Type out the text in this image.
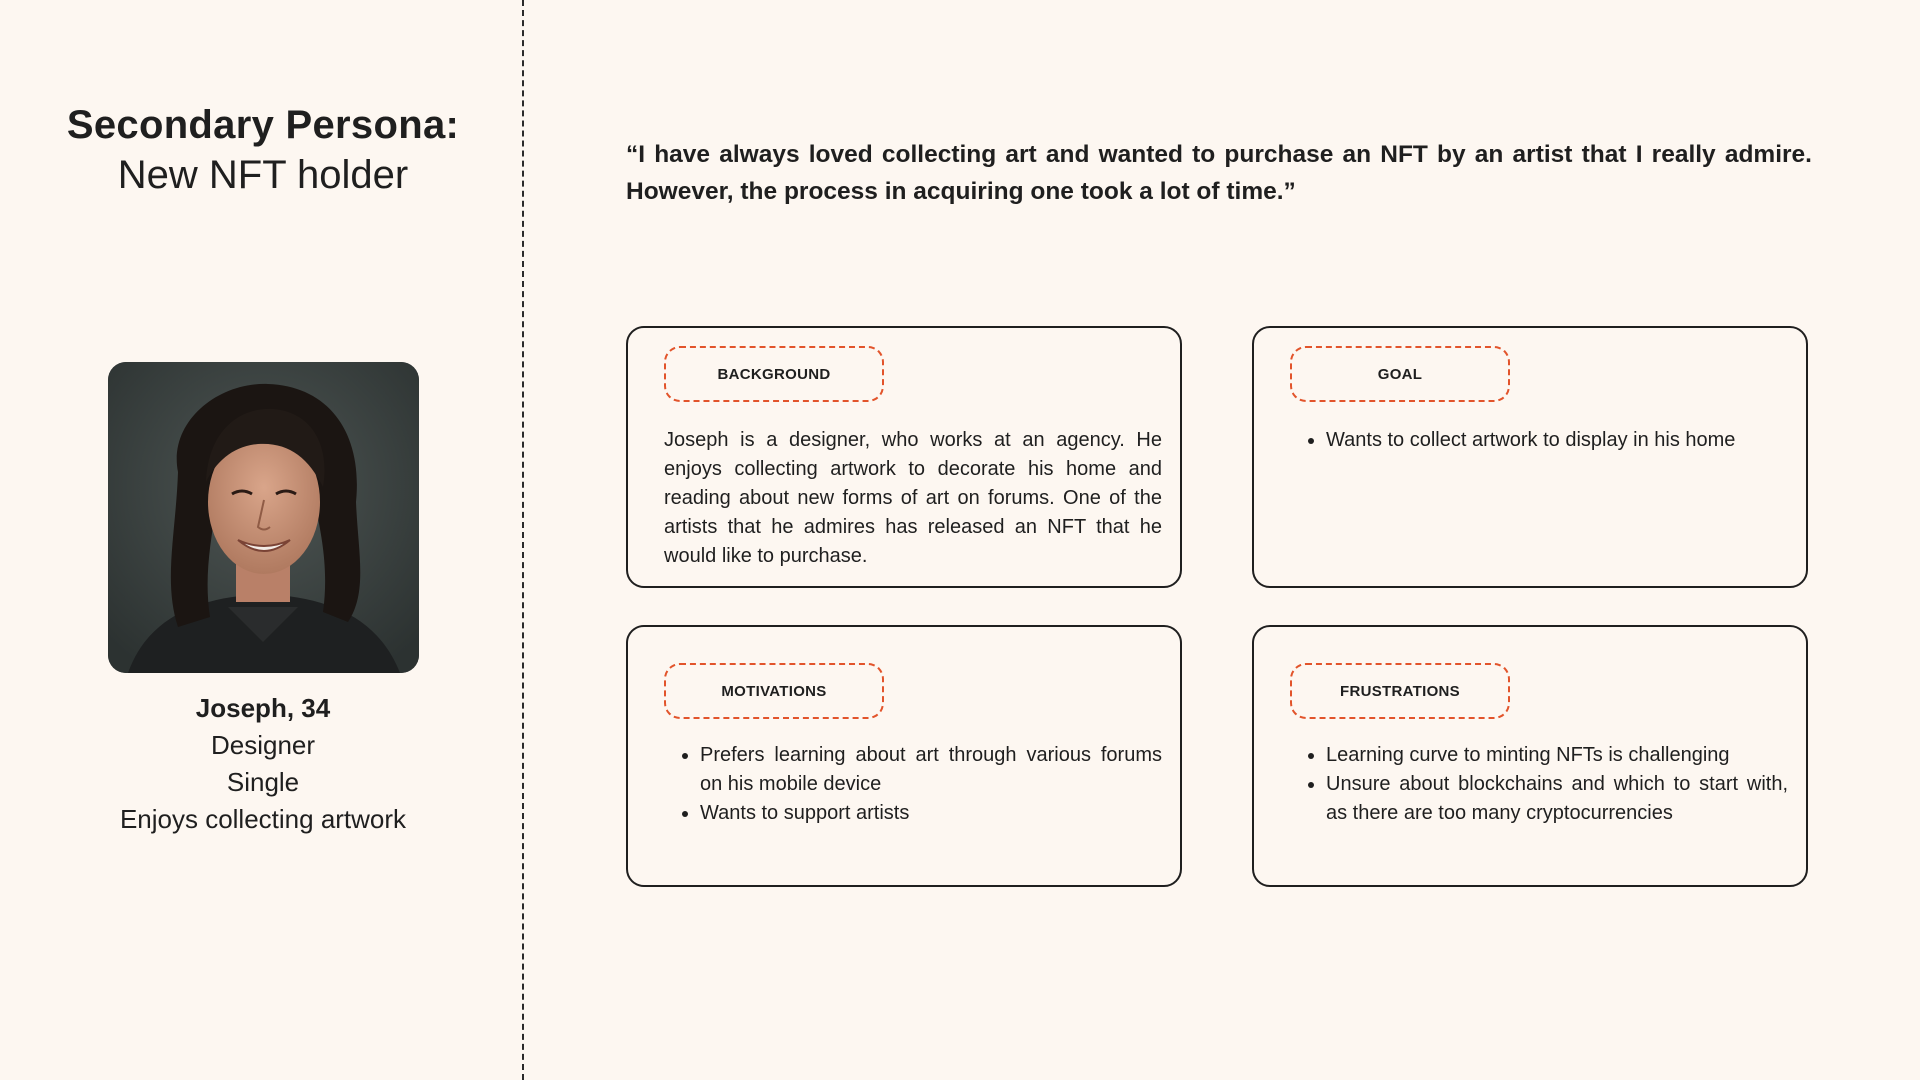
Secondary Persona:
New NFT holder
Joseph, 34
Designer
Single
Enjoys collecting artwork
“I have always loved collecting art and wanted to purchase an NFT by an artist that I really admire. However, the process in acquiring one took a lot of time.”
BACKGROUND
Joseph is a designer, who works at an agency. He enjoys collecting artwork to decorate his home and reading about new forms of art on forums. One of the artists that he admires has released an NFT that he would like to purchase.
GOAL
• Wants to collect artwork to display in his home
MOTIVATIONS
• Prefers learning about art through various forums on his mobile device
• Wants to support artists
FRUSTRATIONS
• Learning curve to minting NFTs is challenging
• Unsure about blockchains and which to start with, as there are too many cryptocurrencies
